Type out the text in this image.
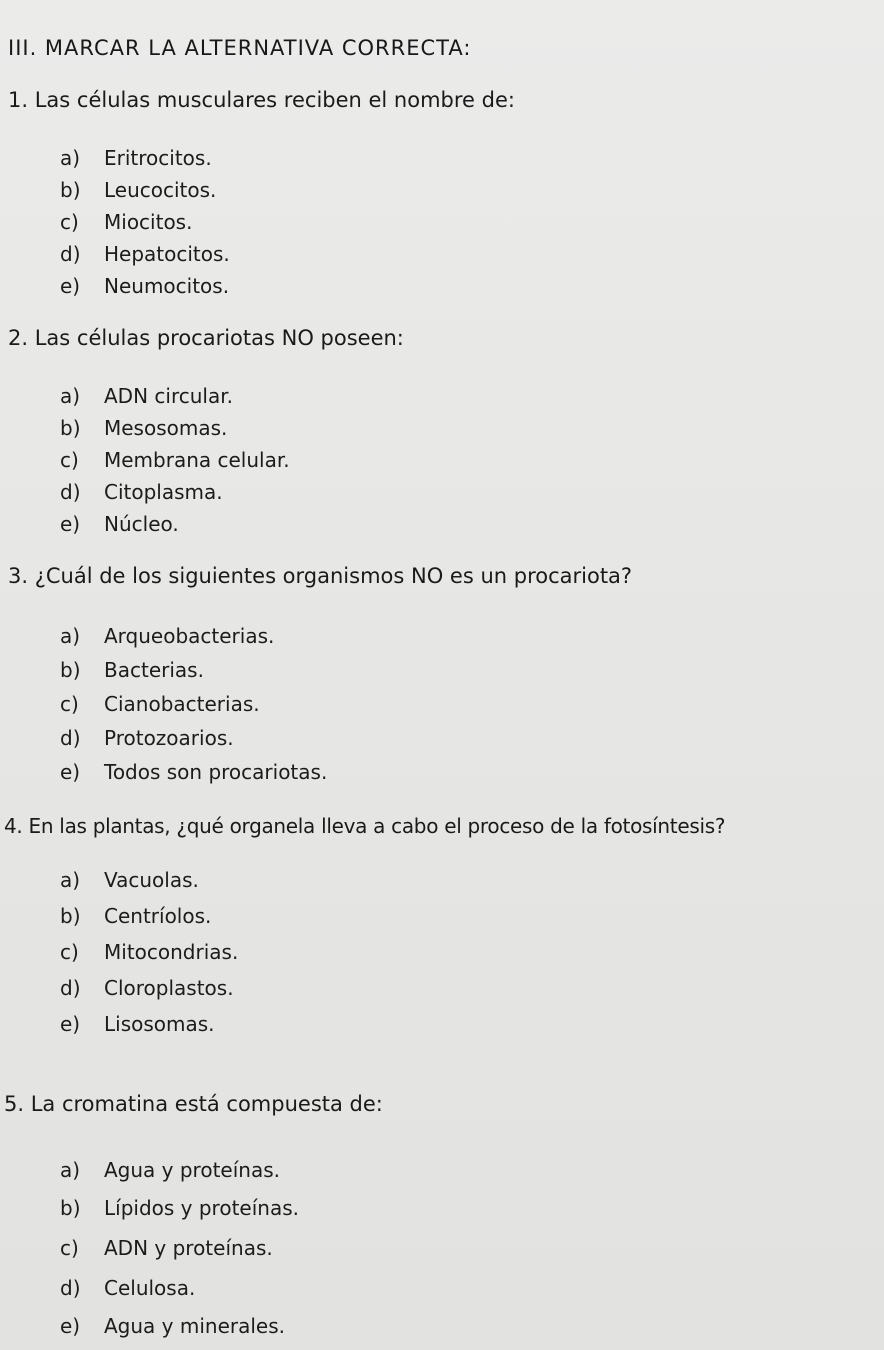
III. MARCAR LA ALTERNATIVA CORRECTA:
1. Las células musculares reciben el nombre de:
a) Eritrocitos.
b) Leucocitos.
c) Miocitos.
d) Hepatocitos.
e) Neumocitos.
2. Las células procariotas NO poseen:
a) ADN circular.
b) Mesosomas.
c) Membrana celular.
d) Citoplasma.
e) Núcleo.
3. ¿Cuál de los siguientes organismos NO es un procariota?
a) Arqueobacterias.
b) Bacterias.
c) Cianobacterias.
d) Protozoarios.
e) Todos son procariotas.
4. En las plantas, ¿qué organela lleva a cabo el proceso de la fotosíntesis?
a) Vacuolas.
b) Centríolos.
c) Mitocondrias.
d) Cloroplastos.
e) Lisosomas.
5. La cromatina está compuesta de:
a) Agua y proteínas.
b) Lípidos y proteínas.
c) ADN y proteínas.
d) Celulosa.
e) Agua y minerales.
